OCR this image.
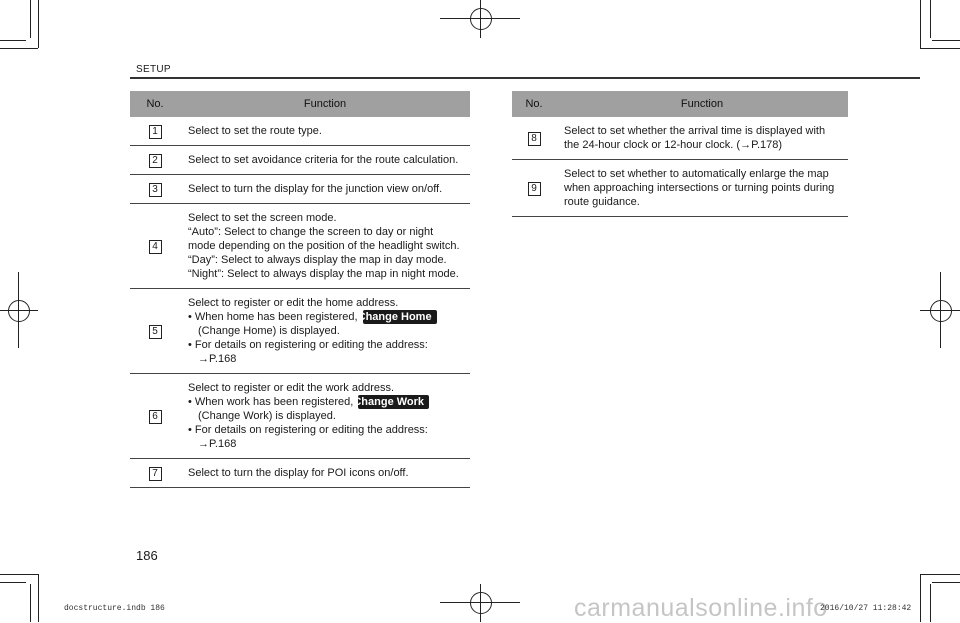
SETUP
No.	Function
1	Select to set the route type.

2	Select to set avoidance criteria for the route calculation.

3	Select to turn the display for the junction view on/off.

4	Select to set the screen mode.
“Auto”: Select to change the screen to day or night
mode depending on the position of the headlight switch.
“Day”: Select to always display the map in day mode.
“Night”: Select to always display the map in night mode.

5	Select to register or edit the home address.
• When home has been registered, Change Home
(Change Home) is displayed.
• For details on registering or editing the address:
→P.168

6	Select to register or edit the work address.
• When work has been registered, Change Work
(Change Work) is displayed.
• For details on registering or editing the address:
→P.168

7	Select to turn the display for POI icons on/off.
No.	Function
8	Select to set whether the arrival time is displayed with
the 24-hour clock or 12-hour clock. (→P.178)

9	Select to set whether to automatically enlarge the map
when approaching intersections or turning points during
route guidance.
186
docstructure.indb 186	carmanualsonline.info
2016/10/27 11:28:42
